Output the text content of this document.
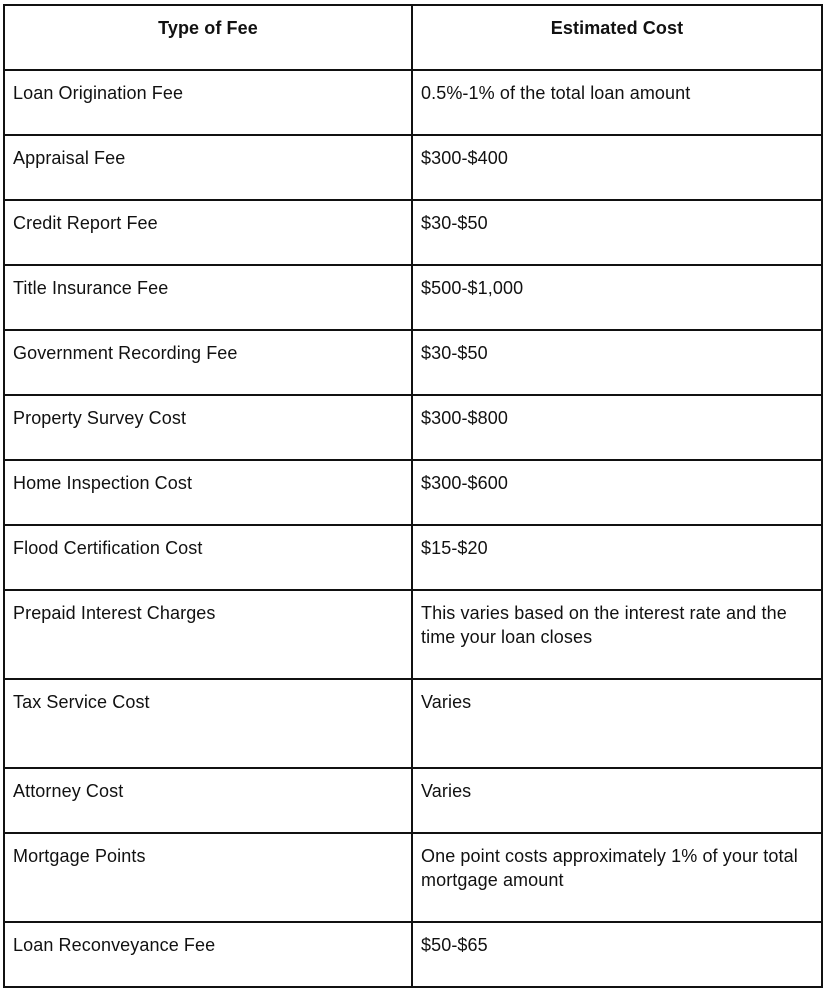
Type of Fee	Estimated Cost
Loan Origination Fee	0.5%-1% of the total loan amount
Appraisal Fee	$300-$400
Credit Report Fee	$30-$50
Title Insurance Fee	$500-$1,000
Government Recording Fee	$30-$50
Property Survey Cost	$300-$800
Home Inspection Cost	$300-$600
Flood Certification Cost	$15-$20
Prepaid Interest Charges	This varies based on the interest rate and the time your loan closes
Tax Service Cost	Varies
Attorney Cost	Varies
Mortgage Points	One point costs approximately 1% of your total mortgage amount
Loan Reconveyance Fee	$50-$65
